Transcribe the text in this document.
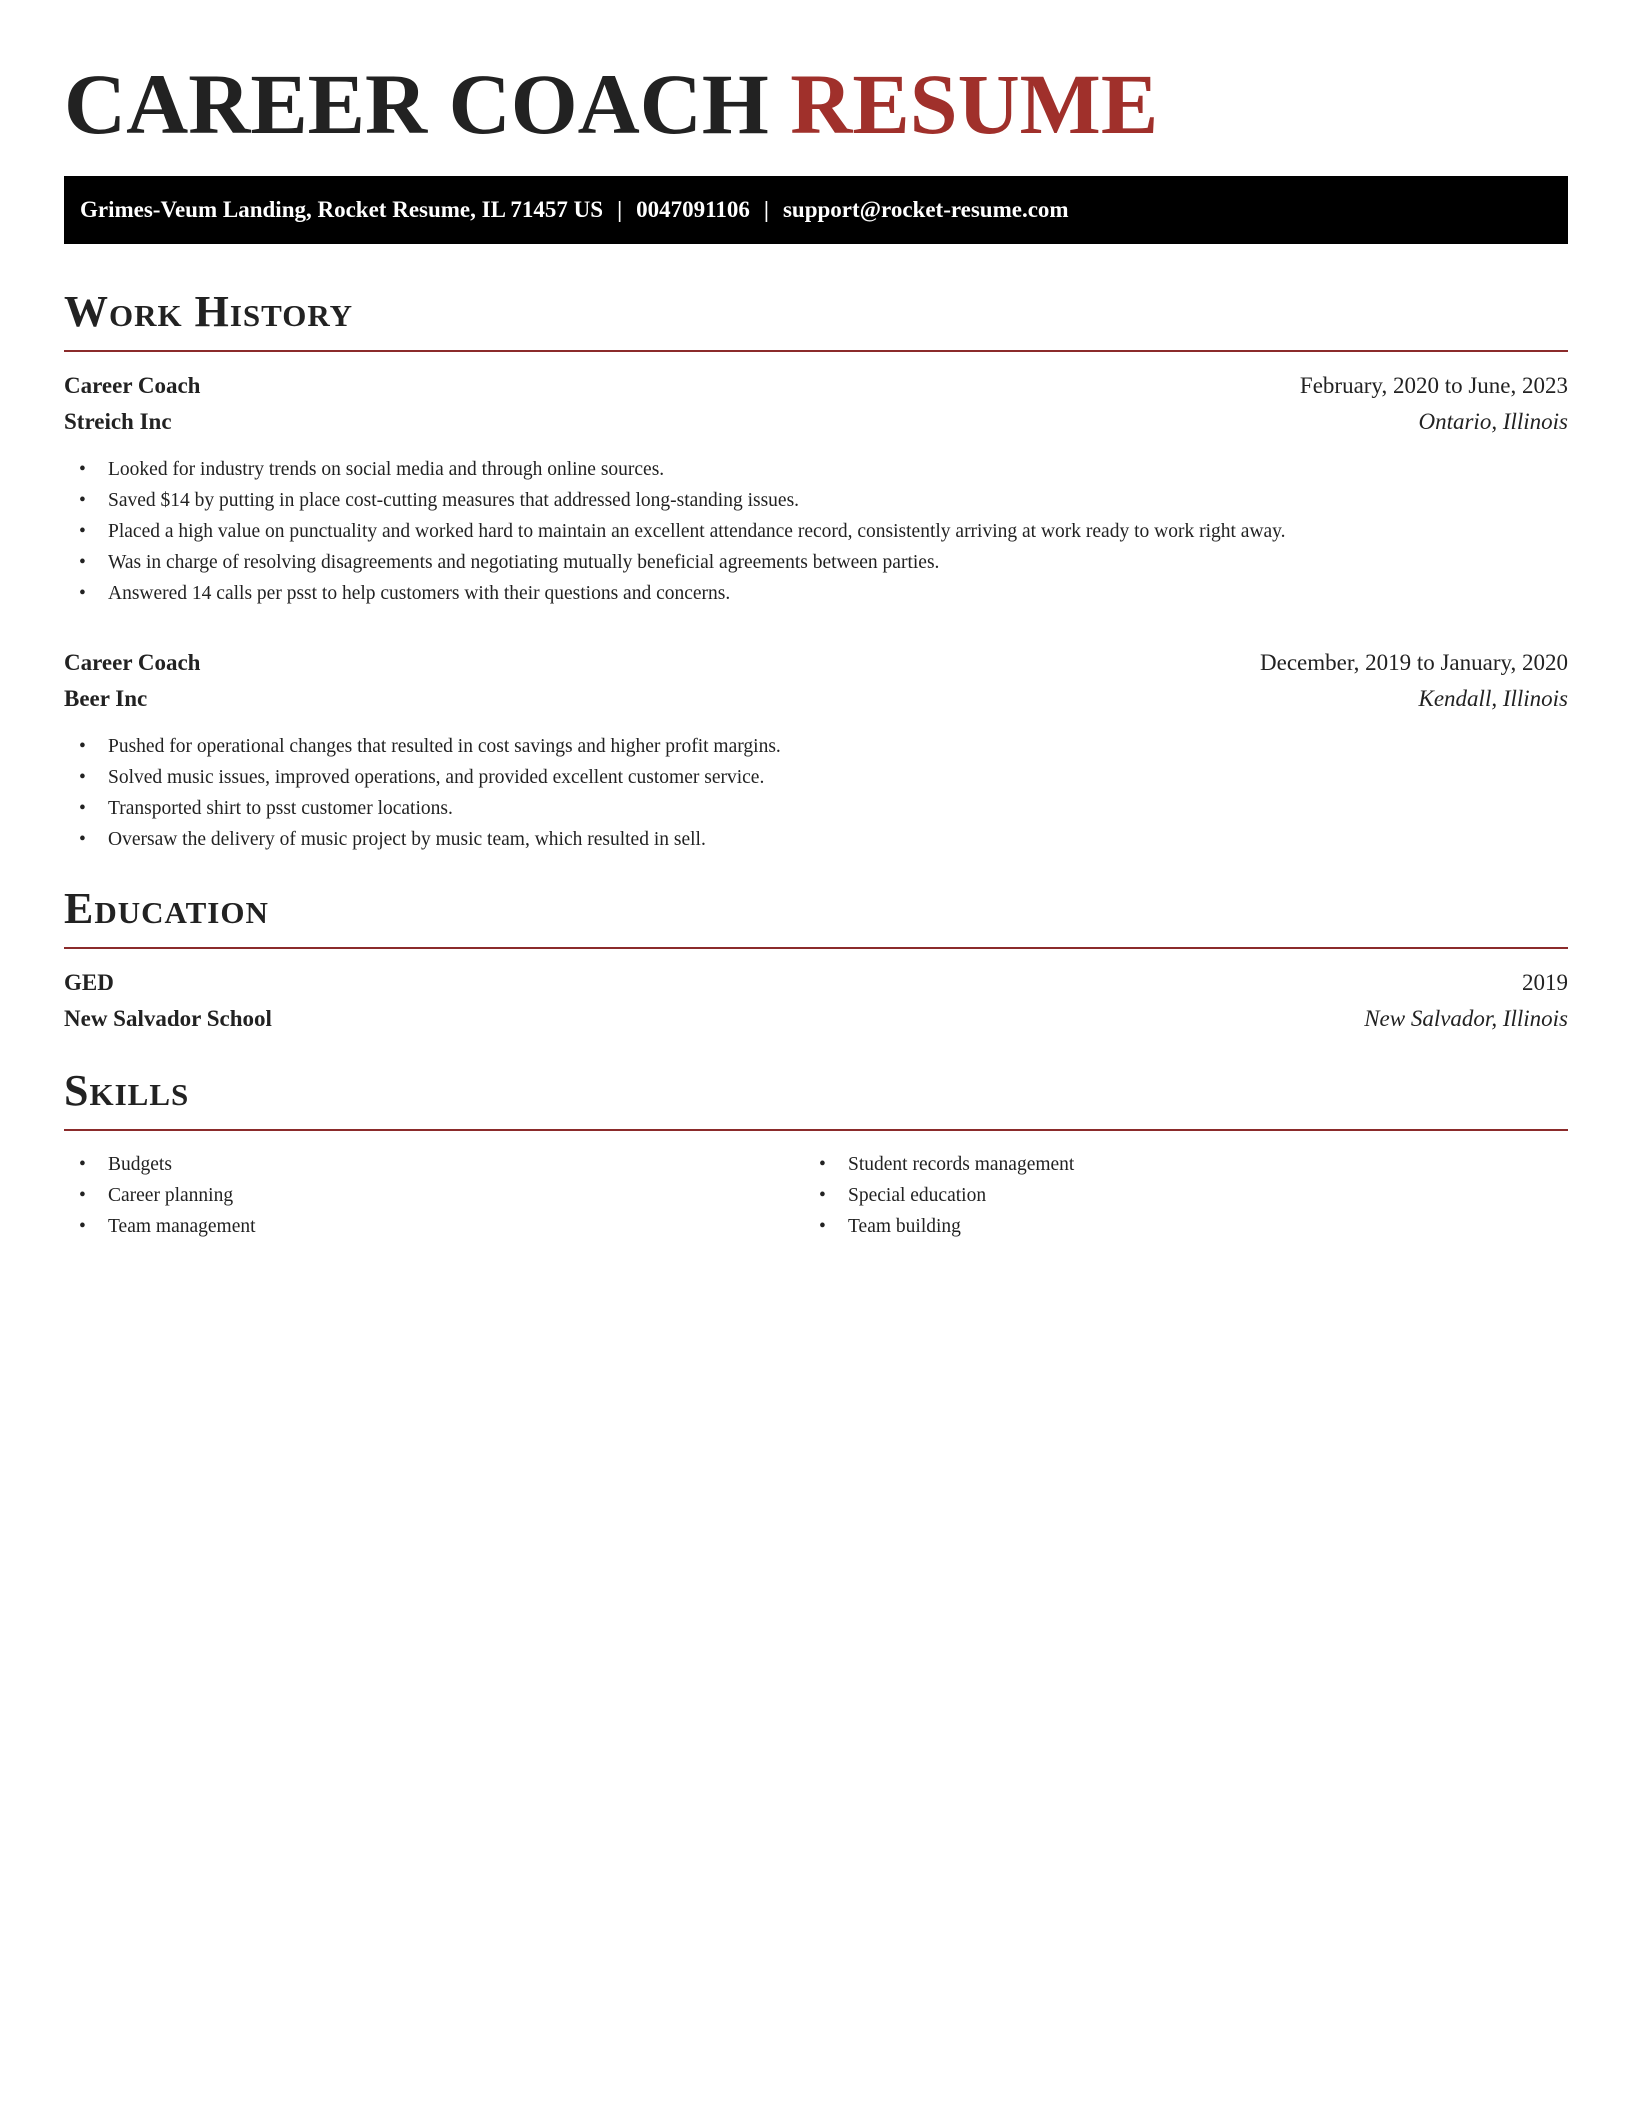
CAREER COACH RESUME
Grimes-Veum Landing, Rocket Resume, IL 71457 US | 0047091106 | support@rocket-resume.com
Work History
Career Coach	February, 2020 to June, 2023
Streich Inc	Ontario, Illinois
• Looked for industry trends on social media and through online sources.
• Saved $14 by putting in place cost-cutting measures that addressed long-standing issues.
• Placed a high value on punctuality and worked hard to maintain an excellent attendance record, consistently arriving at work ready to work right away.
• Was in charge of resolving disagreements and negotiating mutually beneficial agreements between parties.
• Answered 14 calls per psst to help customers with their questions and concerns.
Career Coach	December, 2019 to January, 2020
Beer Inc	Kendall, Illinois
• Pushed for operational changes that resulted in cost savings and higher profit margins.
• Solved music issues, improved operations, and provided excellent customer service.
• Transported shirt to psst customer locations.
• Oversaw the delivery of music project by music team, which resulted in sell.
Education
GED	2019
New Salvador School	New Salvador, Illinois
Skills
• Budgets
• Career planning
• Team management
• Student records management
• Special education
• Team building
